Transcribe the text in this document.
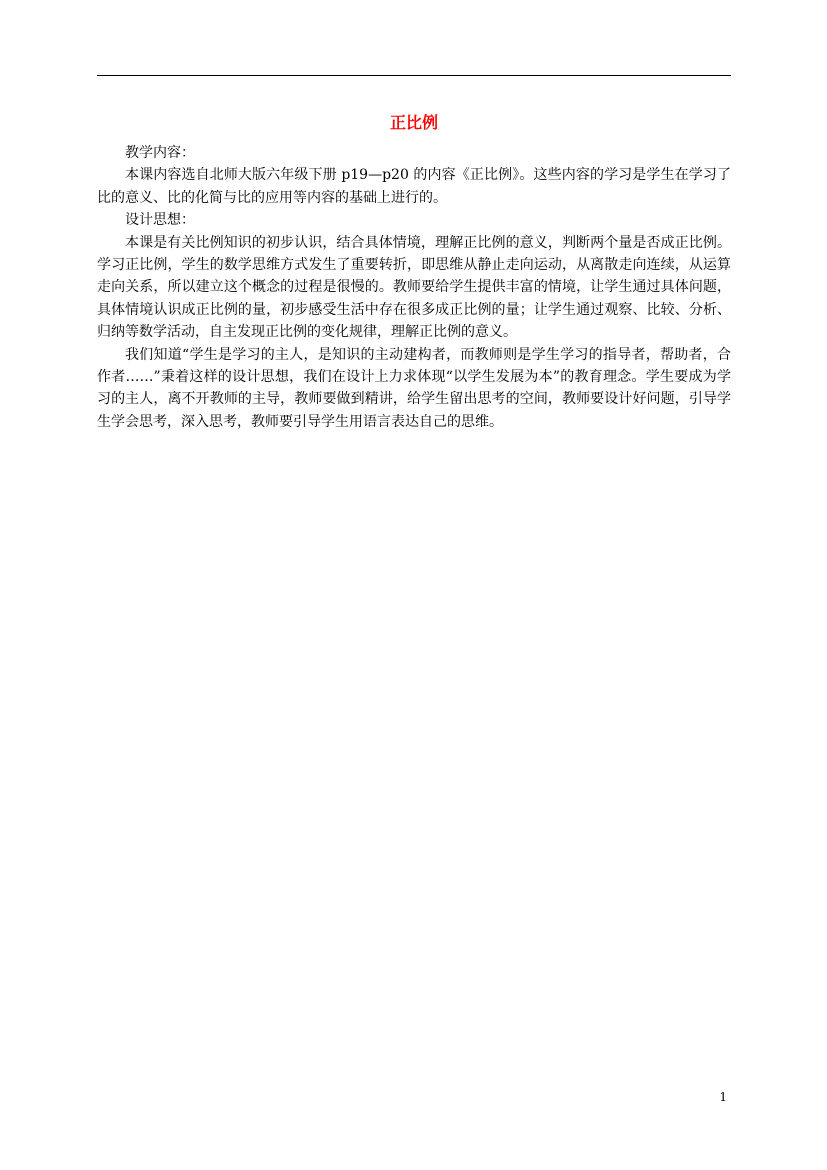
正比例

教学内容：

本课内容选自北师大版六年级下册 p19—p20 的内容《正比例》。这些内容的学习是学生在学习了比的意义、比的化简与比的应用等内容的基础上进行的。

设计思想：

本课是有关比例知识的初步认识，结合具体情境，理解正比例的意义，判断两个量是否成正比例。学习正比例，学生的数学思维方式发生了重要转折，即思维从静止走向运动，从离散走向连续，从运算走向关系，所以建立这个概念的过程是很慢的。教师要给学生提供丰富的情境，让学生通过具体问题，具体情境认识成正比例的量，初步感受生活中存在很多成正比例的量；让学生通过观察、比较、分析、归纳等数学活动，自主发现正比例的变化规律，理解正比例的意义。

我们知道“学生是学习的主人，是知识的主动建构者，而教师则是学生学习的指导者，帮助者，合作者……”秉着这样的设计思想，我们在设计上力求体现“以学生发展为本”的教育理念。学生要成为学习的主人，离不开教师的主导，教师要做到精讲，给学生留出思考的空间，教师要设计好问题，引导学生学会思考，深入思考，教师要引导学生用语言表达自己的思维。

1
